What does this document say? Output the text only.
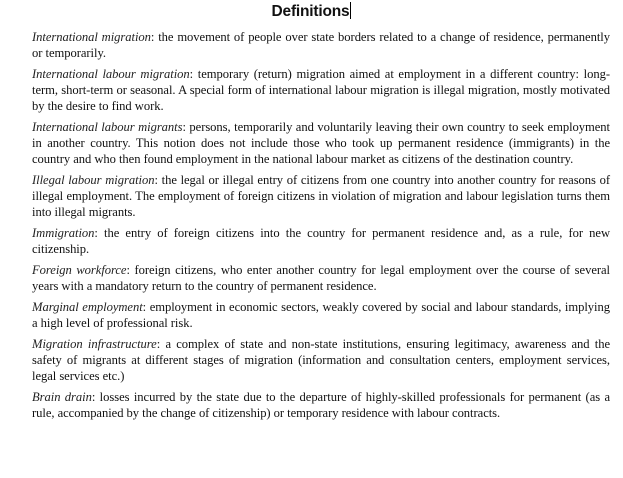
Definitions

International migration: the movement of people over state borders related to a change of residence, permanently or temporarily.

International labour migration: temporary (return) migration aimed at employment in a different country: long-term, short-term or seasonal. A special form of international labour migration is illegal migration, mostly motivated by the desire to find work.

International labour migrants: persons, temporarily and voluntarily leaving their own country to seek employment in another country. This notion does not include those who took up permanent residence (immigrants) in the country and who then found employment in the national labour market as citizens of the destination country.

Illegal labour migration: the legal or illegal entry of citizens from one country into another country for reasons of illegal employment. The employment of foreign citizens in violation of migration and labour legislation turns them into illegal migrants.

Immigration: the entry of foreign citizens into the country for permanent residence and, as a rule, for new citizenship.

Foreign workforce: foreign citizens, who enter another country for legal employment over the course of several years with a mandatory return to the country of permanent residence.

Marginal employment: employment in economic sectors, weakly covered by social and labour standards, implying a high level of professional risk.

Migration infrastructure: a complex of state and non-state institutions, ensuring legitimacy, awareness and the safety of migrants at different stages of migration (information and consultation centers, employment services, legal services etc.)

Brain drain: losses incurred by the state due to the departure of highly-skilled professionals for permanent (as a rule, accompanied by the change of citizenship) or temporary residence with labour contracts.
